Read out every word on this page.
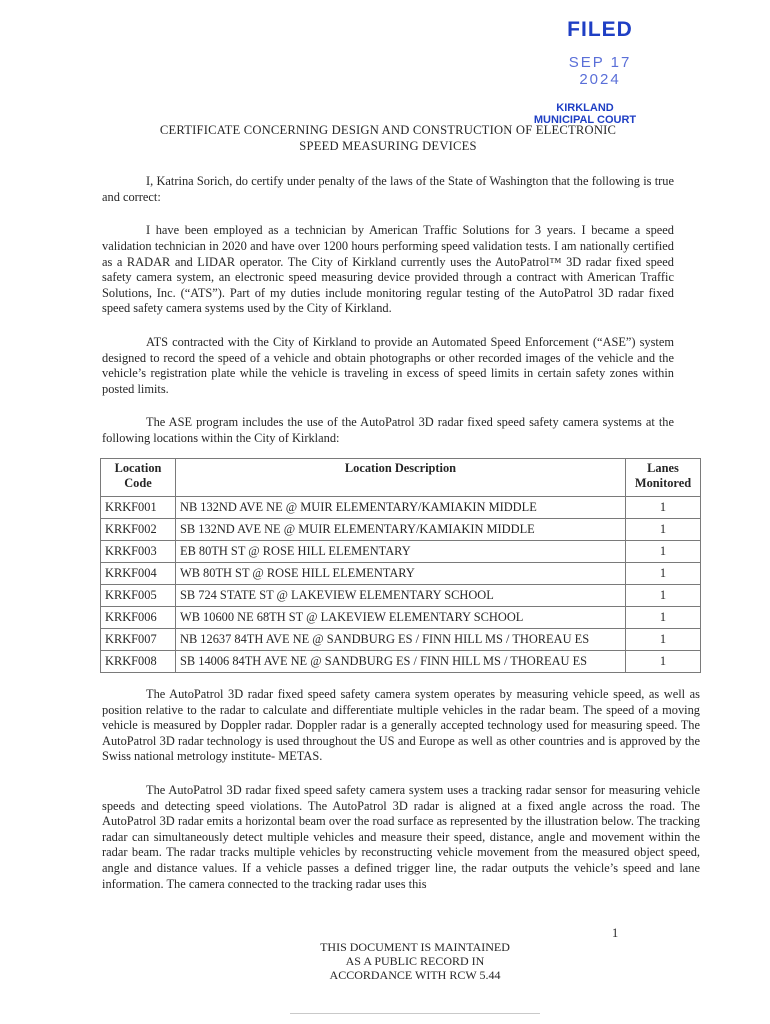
FILED
SEP 17 2024
KIRKLAND
MUNICIPAL COURT
CERTIFICATE CONCERNING DESIGN AND CONSTRUCTION OF ELECTRONIC
SPEED MEASURING DEVICES

I, Katrina Sorich, do certify under penalty of the laws of the State of Washington that the following is true and correct:

I have been employed as a technician by American Traffic Solutions for 3 years. I became a speed validation technician in 2020 and have over 1200 hours performing speed validation tests. I am nationally certified as a RADAR and LIDAR operator. The City of Kirkland currently uses the AutoPatrol™ 3D radar fixed speed safety camera system, an electronic speed measuring device provided through a contract with American Traffic Solutions, Inc. (“ATS”). Part of my duties include monitoring regular testing of the AutoPatrol 3D radar fixed speed safety camera systems used by the City of Kirkland.

ATS contracted with the City of Kirkland to provide an Automated Speed Enforcement (“ASE”) system designed to record the speed of a vehicle and obtain photographs or other recorded images of the vehicle and the vehicle’s registration plate while the vehicle is traveling in excess of speed limits in certain safety zones within posted limits.

The ASE program includes the use of the AutoPatrol 3D radar fixed speed safety camera systems at the following locations within the City of Kirkland:

Location Code	Location Description	Lanes Monitored
KRKF001	NB 132ND AVE NE @ MUIR ELEMENTARY/KAMIAKIN MIDDLE	1
KRKF002	SB 132ND AVE NE @ MUIR ELEMENTARY/KAMIAKIN MIDDLE	1
KRKF003	EB 80TH ST @ ROSE HILL ELEMENTARY	1
KRKF004	WB 80TH ST @ ROSE HILL ELEMENTARY	1
KRKF005	SB 724 STATE ST @ LAKEVIEW ELEMENTARY SCHOOL	1
KRKF006	WB 10600 NE 68TH ST @ LAKEVIEW ELEMENTARY SCHOOL	1
KRKF007	NB 12637 84TH AVE NE @ SANDBURG ES / FINN HILL MS / THOREAU ES	1
KRKF008	SB 14006 84TH AVE NE @ SANDBURG ES / FINN HILL MS / THOREAU ES	1

The AutoPatrol 3D radar fixed speed safety camera system operates by measuring vehicle speed, as well as position relative to the radar to calculate and differentiate multiple vehicles in the radar beam. The speed of a moving vehicle is measured by Doppler radar. Doppler radar is a generally accepted technology used for measuring speed. The AutoPatrol 3D radar technology is used throughout the US and Europe as well as other countries and is approved by the Swiss national metrology institute- METAS.

The AutoPatrol 3D radar fixed speed safety camera system uses a tracking radar sensor for measuring vehicle speeds and detecting speed violations. The AutoPatrol 3D radar is aligned at a fixed angle across the road. The AutoPatrol 3D radar emits a horizontal beam over the road surface as represented by the illustration below. The tracking radar can simultaneously detect multiple vehicles and measure their speed, distance, angle and movement within the radar beam. The radar tracks multiple vehicles by reconstructing vehicle movement from the measured object speed, angle and distance values. If a vehicle passes a defined trigger line, the radar outputs the vehicle’s speed and lane information. The camera connected to the tracking radar uses this

1
THIS DOCUMENT IS MAINTAINED
AS A PUBLIC RECORD IN
ACCORDANCE WITH RCW 5.44
